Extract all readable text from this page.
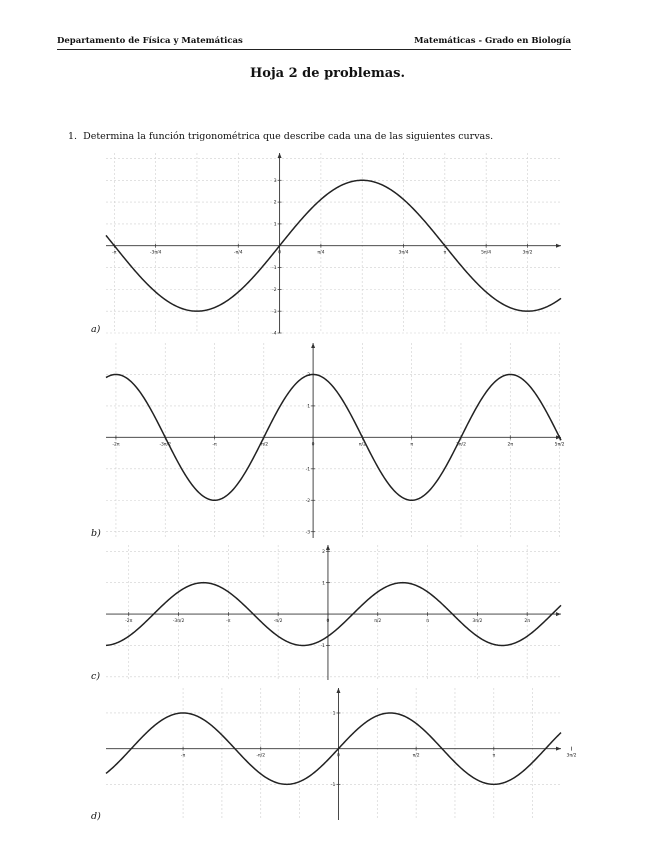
Departamento de Física y Matemáticas	Matemáticas - Grado en Biología
Hoja 2 de problemas.
1. Determina la función trigonométrica que describe cada una de las siguientes curvas.
-π	-3π/4	-π/4	0	π/4	3π/4	π	5π/4	3π/2
-4
-3
-2
-1
1
2
3
a)
-2π	-3π/2	-π	-π/2	0	π/2	π	3π/2	2π	5π/2
-3
-2
-1
1
2
b)
-2π	-3π/2	-π	-π/2	0	π/2	π	3π/2	2π
-1
1
2
c)
-π	-π/2	0	π/2	π	3π/2
-1
1
d)
